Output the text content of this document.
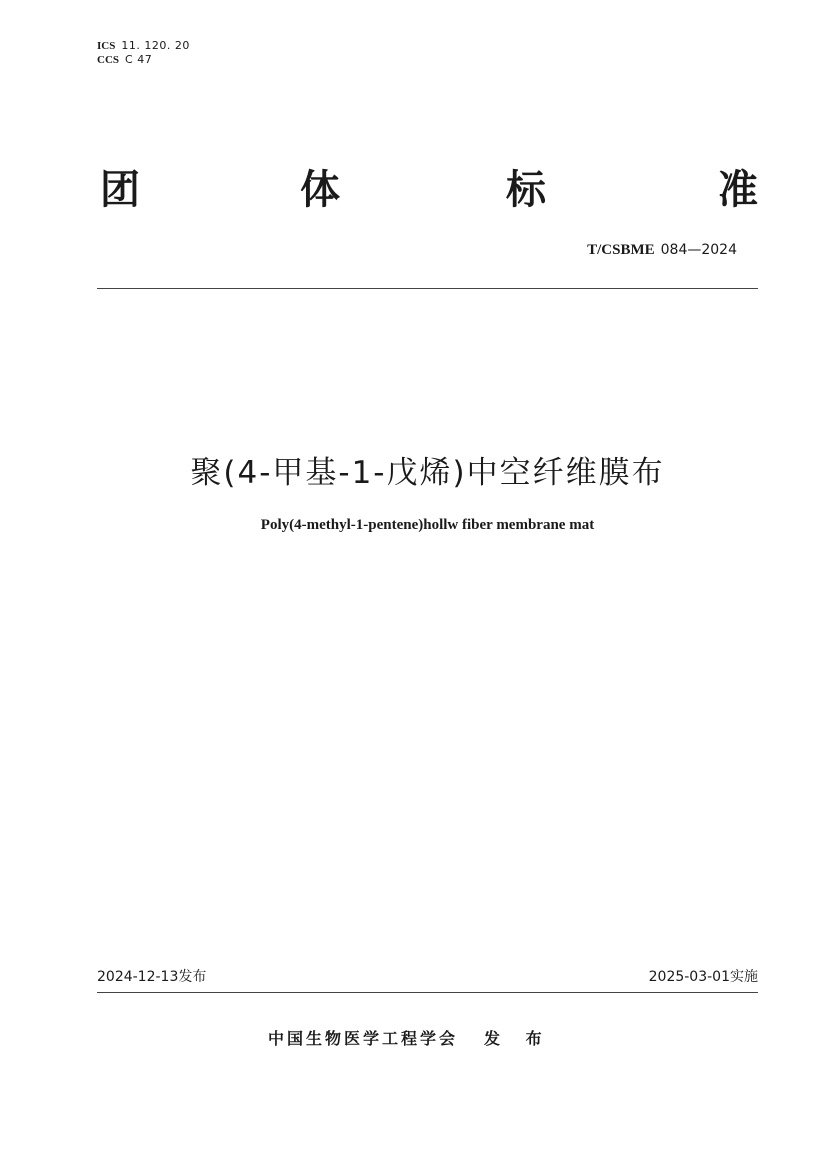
ICS 11. 120. 20
CCS C 47
团	体	标	准
T/CSBME 084—2024
聚(4-甲基-1-戊烯)中空纤维膜布
Poly(4-methyl-1-pentene)hollw fiber membrane mat
2024-12-13发布	2025-03-01实施
中国生物医学工程学会 发 布
